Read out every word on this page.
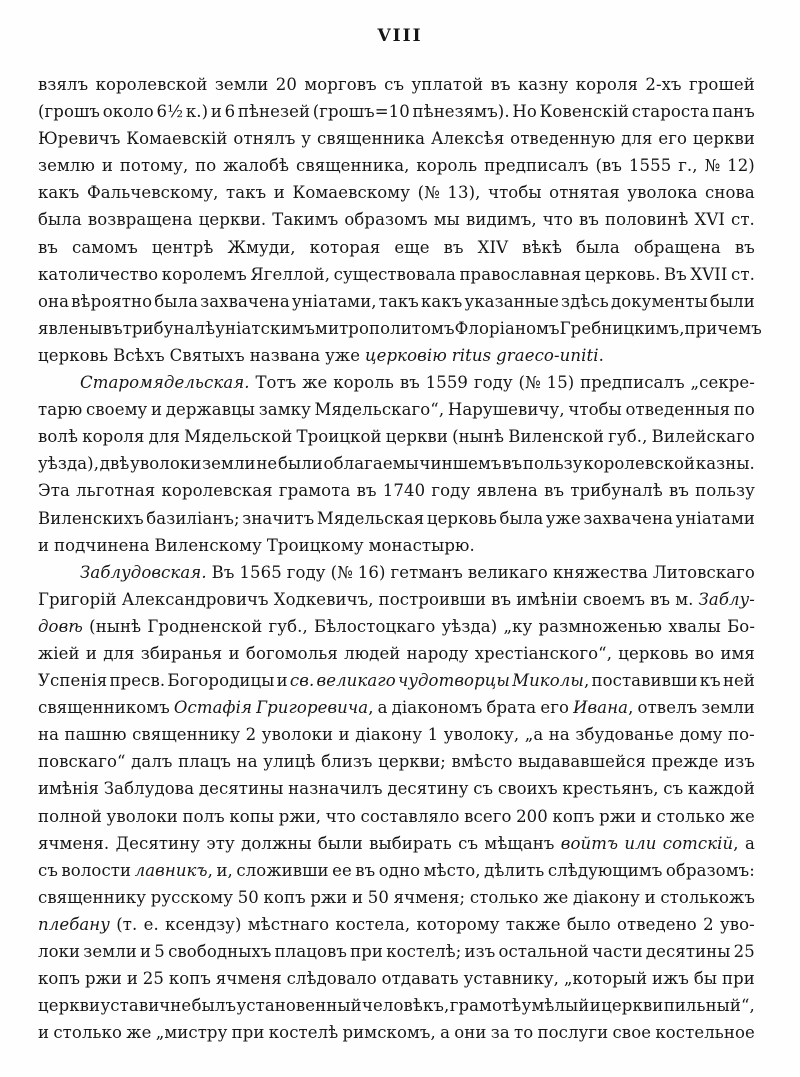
VIII
взялъ королевской земли 20 морговъ съ уплатой въ казну короля 2-хъ грошей
(грошъ около 6½ к.) и 6 пѣнезей (грошъ=10 пѣнезямъ). Но Ковенскій староста панъ
Юревичъ Комаевскій отнялъ у священника Алексѣя отведенную для его церкви
землю и потому, по жалобѣ священника, король предписалъ (въ 1555 г., № 12)
какъ Фальчевскому, такъ и Комаевскому (№ 13), чтобы отнятая уволока снова
была возвращена церкви. Такимъ образомъ мы видимъ, что въ половинѣ XVI ст.
въ самомъ центрѣ Жмуди, которая еще въ XIV вѣкѣ была обращена въ
католичество королемъ Ягеллой, существовала православная церковь. Въ XVII ст.
она вѣроятно была захвачена уніатами, такъ какъ указанные здѣсь документы были
явлены въ трибуналѣ уніатскимъ митрополитомъ Флоріаномъ Гребницкимъ, при чемъ
церковь Всѣхъ Святыхъ названа уже церковію ritus graeco-uniti.
Старомядельская. Тотъ же король въ 1559 году (№ 15) предписалъ „секре-
тарю своему и державцы замку Мядельскаго“, Нарушевичу, чтобы отведенныя по
волѣ короля для Мядельской Троицкой церкви (нынѣ Виленской губ., Вилейскаго
уѣзда), двѣ уволоки земли не были облагаемы чиншемъ въ пользу королевской казны.
Эта льготная королевская грамота въ 1740 году явлена въ трибуналѣ въ пользу
Виленскихъ базиліанъ; значитъ Мядельская церковь была уже захвачена уніатами
и подчинена Виленскому Троицкому монастырю.
Заблудовская. Въ 1565 году (№ 16) гетманъ великаго княжества Литовскаго
Григорій Александровичъ Ходкевичъ, построивши въ имѣніи своемъ въ м. Заблу-
довѣ (нынѣ Гродненской губ., Бѣлостоцкаго уѣзда) „ку размноженью хвалы Бо-
жіей и для збиранья и богомолья людей народу хрестіанского“, церковь во имя
Успенія пресв. Богородицы и св. великаго чудотворцы Миколы, поставивши къ ней
священникомъ Остафія Григоревича, а діакономъ брата его Ивана, отвелъ земли
на пашню священнику 2 уволоки и діакону 1 уволоку, „а на збудованье дому по-
повскаго“ далъ плацъ на улицѣ близъ церкви; вмѣсто выдававшейся прежде изъ
имѣнія Заблудова десятины назначилъ десятину съ своихъ крестьянъ, съ каждой
полной уволоки полъ копы ржи, что составляло всего 200 копъ ржи и столько же
ячменя. Десятину эту должны были выбирать съ мѣщанъ войтъ или сотскій, а
съ волости лавникъ, и, сложивши ее въ одно мѣсто, дѣлить слѣдующимъ образомъ:
священнику русскому 50 копъ ржи и 50 ячменя; столько же діакону и столькожъ
плебану (т. е. ксендзу) мѣстнаго костела, которому также было отведено 2 уво-
локи земли и 5 свободныхъ плацовъ при костелѣ; изъ остальной части десятины 25
копъ ржи и 25 копъ ячменя слѣдовало отдавать уставнику, „который ижъ бы при
церкви уставичне былъ установенный человѣкъ, грамотѣ умѣлый и церкви пильный“,
и столько же „мистру при костелѣ римскомъ, а они за то послуги свое костельное
